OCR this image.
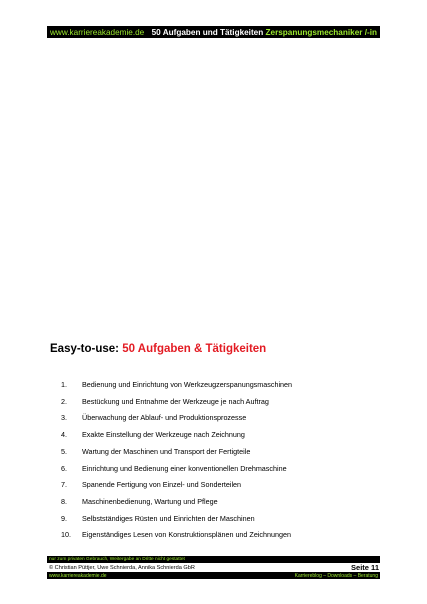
www.karriereakademie.de 50 Aufgaben und Tätigkeiten Zerspanungsmechaniker /-in
Easy-to-use: 50 Aufgaben & Tätigkeiten
1. Bedienung und Einrichtung von Werkzeugzerspanungsmaschinen
2. Bestückung und Entnahme der Werkzeuge je nach Auftrag
3. Überwachung der Ablauf- und Produktionsprozesse
4. Exakte Einstellung der Werkzeuge nach Zeichnung
5. Wartung der Maschinen und Transport der Fertigteile
6. Einrichtung und Bedienung einer konventionellen Drehmaschine
7. Spanende Fertigung von Einzel- und Sonderteilen
8. Maschinenbedienung, Wartung und Pflege
9. Selbstständiges Rüsten und Einrichten der Maschinen
10. Eigenständiges Lesen von Konstruktionsplänen und Zeichnungen
nur zum privaten Gebrauch, Weitergabe an Dritte nicht gestattet
© Christian Püttjer, Uwe Schnierda, Annika Schnierda GbR	Seite 11
www.karriereakademie.de	Karriereblog – Downloads – Beratung
